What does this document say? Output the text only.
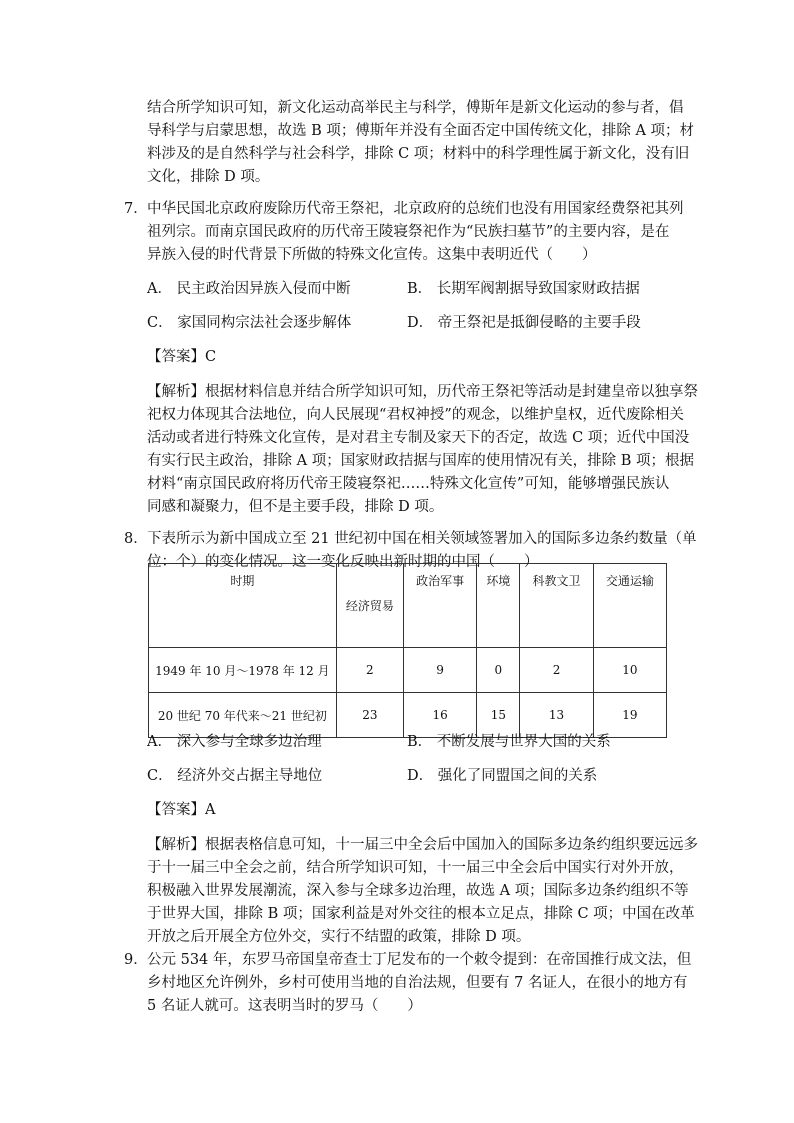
结合所学知识可知，新文化运动高举民主与科学，傅斯年是新文化运动的参与者，倡
导科学与启蒙思想，故选 B 项；傅斯年并没有全面否定中国传统文化，排除 A 项；材
料涉及的是自然科学与社会科学，排除 C 项；材料中的科学理性属于新文化，没有旧
文化，排除 D 项。
7． 中华民国北京政府废除历代帝王祭祀，北京政府的总统们也没有用国家经费祭祀其列
祖列宗。而南京国民政府的历代帝王陵寝祭祀作为“民族扫墓节”的主要内容，是在
异族入侵的时代背景下所做的特殊文化宣传。这集中表明近代（　　）
A． 民主政治因异族入侵而中断	B． 长期军阀割据导致国家财政拮据
C． 家国同构宗法社会逐步解体	D． 帝王祭祀是抵御侵略的主要手段
【答案】C
【解析】根据材料信息并结合所学知识可知，历代帝王祭祀等活动是封建皇帝以独享祭
祀权力体现其合法地位，向人民展现“君权神授”的观念，以维护皇权，近代废除相关
活动或者进行特殊文化宣传，是对君主专制及家天下的否定，故选 C 项；近代中国没
有实行民主政治，排除 A 项；国家财政拮据与国库的使用情况有关，排除 B 项；根据
材料“南京国民政府将历代帝王陵寝祭祀……特殊文化宣传”可知，能够增强民族认
同感和凝聚力，但不是主要手段，排除 D 项。
8． 下表所示为新中国成立至 21 世纪初中国在相关领域签署加入的国际多边条约数量（单
位：个）的变化情况。这一变化反映出新时期的中国（　　）
时期	经济贸易	政治军事	环境	科教文卫	交通运输
1949 年 10 月～1978 年 12 月	2	9	0	2	10
20 世纪 70 年代来～21 世纪初	23	16	15	13	19
A． 深入参与全球多边治理	B． 不断发展与世界大国的关系
C． 经济外交占据主导地位	D． 强化了同盟国之间的关系
【答案】A
【解析】根据表格信息可知，十一届三中全会后中国加入的国际多边条约组织要远远多
于十一届三中全会之前，结合所学知识可知，十一届三中全会后中国实行对外开放，
积极融入世界发展潮流，深入参与全球多边治理，故选 A 项；国际多边条约组织不等
于世界大国，排除 B 项；国家利益是对外交往的根本立足点，排除 C 项；中国在改革
开放之后开展全方位外交，实行不结盟的政策，排除 D 项。
9． 公元 534 年，东罗马帝国皇帝查士丁尼发布的一个敕令提到：在帝国推行成文法，但
乡村地区允许例外，乡村可使用当地的自治法规，但要有 7 名证人，在很小的地方有
5 名证人就可。这表明当时的罗马（　　）
